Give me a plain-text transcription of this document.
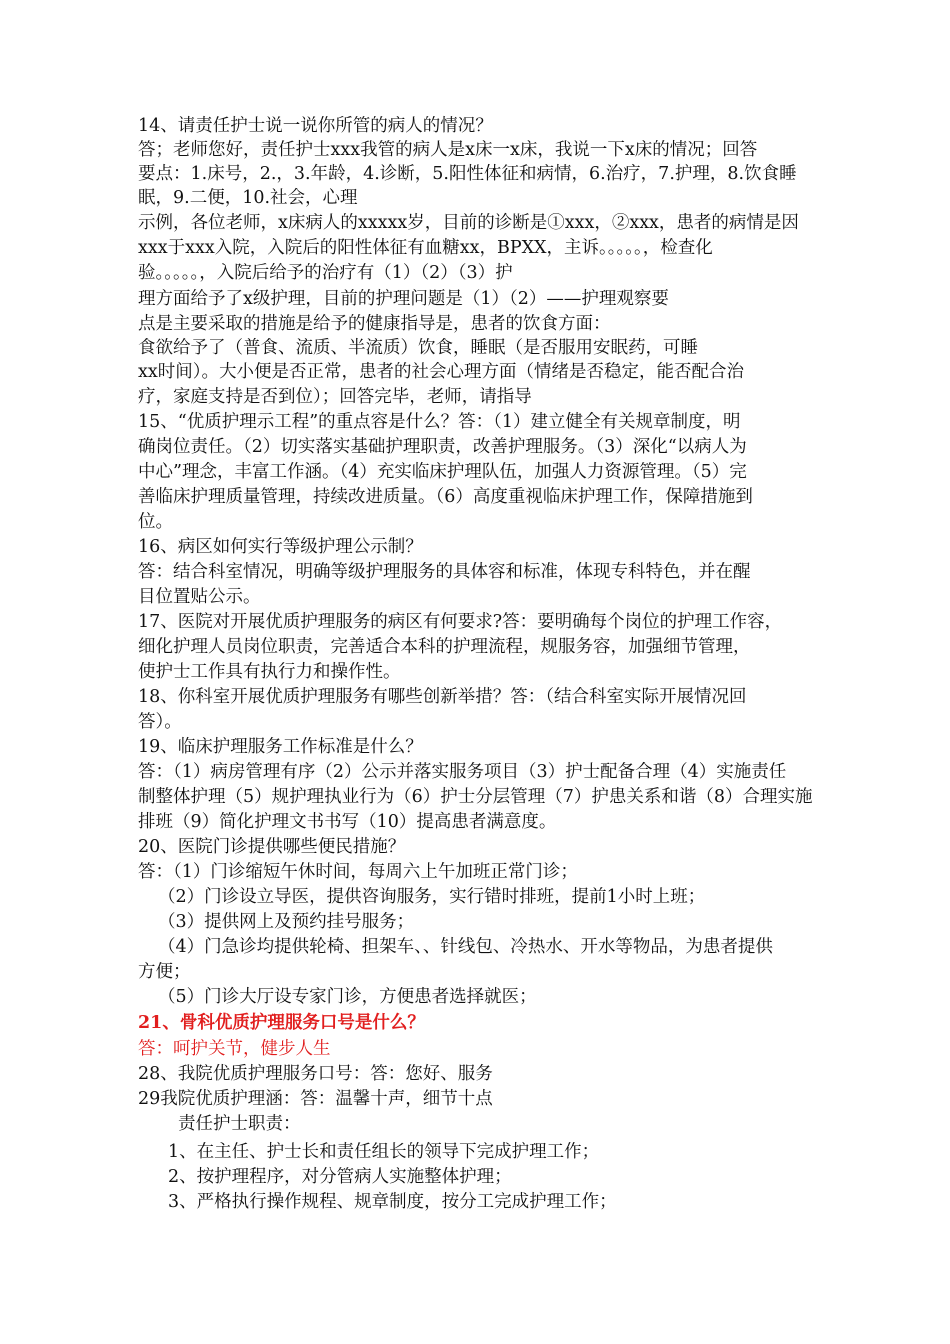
14、请责任护士说一说你所管的病人的情况？
答；老师您好，责任护士xxx我管的病人是x床一x床，我说一下x床的情况；回答
要点：1.床号，2.，3.年龄，4.诊断，5.阳性体征和病情，6.治疗，7.护理，8.饮食睡
眠，9.二便，10.社会，心理
示例，各位老师，x床病人的xxxxx岁，目前的诊断是①xxx，②xxx，患者的病情是因
xxx于xxx入院，入院后的阳性体征有血糖xx，BPXX，主诉。。。。。，检查化
验。。。。。，入院后给予的治疗有（1）（2）（3）护
理方面给予了x级护理，目前的护理问题是（1）（2）——护理观察要
点是主要采取的措施是给予的健康指导是，患者的饮食方面：
食欲给予了（普食、流质、半流质）饮食，睡眠（是否服用安眠药，可睡
xx时间）。大小便是否正常，患者的社会心理方面（情绪是否稳定，能否配合治
疗，家庭支持是否到位）；回答完毕，老师，请指导
15、“优质护理示工程”的重点容是什么？答：（1）建立健全有关规章制度，明
确岗位责任。（2）切实落实基础护理职责，改善护理服务。（3）深化“以病人为
中心”理念，丰富工作涵。（4）充实临床护理队伍，加强人力资源管理。（5）完
善临床护理质量管理，持续改进质量。（6）高度重视临床护理工作，保障措施到
位。
16、病区如何实行等级护理公示制？
答：结合科室情况，明确等级护理服务的具体容和标准，体现专科特色，并在醒
目位置贴公示。
17、医院对开展优质护理服务的病区有何要求?答：要明确每个岗位的护理工作容，
细化护理人员岗位职责，完善适合本科的护理流程，规服务容，加强细节管理，
使护士工作具有执行力和操作性。
18、你科室开展优质护理服务有哪些创新举措？答：（结合科室实际开展情况回
答）。
19、临床护理服务工作标准是什么？
答：（1）病房管理有序（2）公示并落实服务项目（3）护士配备合理（4）实施责任
制整体护理（5）规护理执业行为（6）护士分层管理（7）护患关系和谐（8）合理实施
排班（9）简化护理文书书写（10）提高患者满意度。
20、医院门诊提供哪些便民措施？
答：（1）门诊缩短午休时间，每周六上午加班正常门诊；
（2）门诊设立导医，提供咨询服务，实行错时排班，提前1小时上班；
（3）提供网上及预约挂号服务；
（4）门急诊均提供轮椅、担架车、、针线包、冷热水、开水等物品，为患者提供
方便；
（5）门诊大厅设专家门诊，方便患者选择就医；
21、骨科优质护理服务口号是什么？
答：呵护关节，健步人生
28、我院优质护理服务口号：答：您好、服务
29我院优质护理涵：答：温馨十声，细节十点
责任护士职责：
1、在主任、护士长和责任组长的领导下完成护理工作；
2、按护理程序，对分管病人实施整体护理；
3、严格执行操作规程、规章制度，按分工完成护理工作；
